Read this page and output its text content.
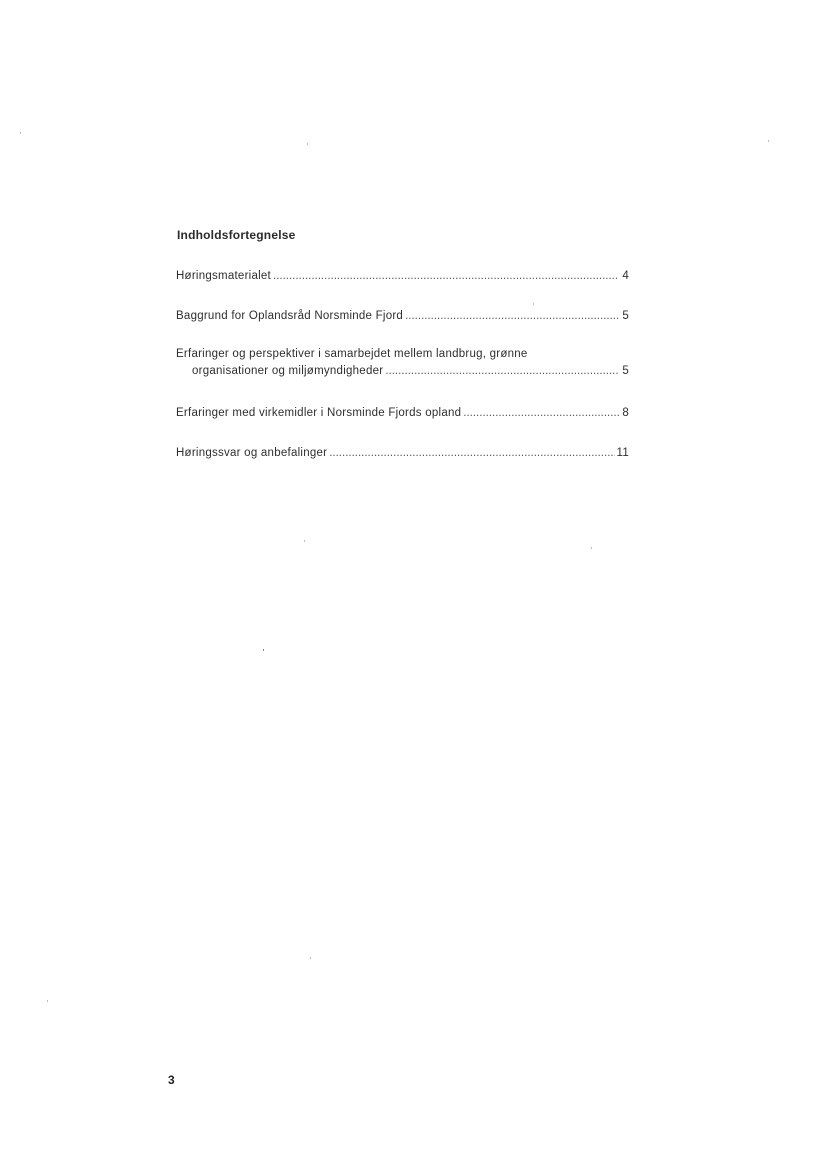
Indholdsfortegnelse
Høringsmaterialet .....	4
Baggrund for Oplandsråd Norsminde Fjord .....	5
Erfaringer og perspektiver i samarbejdet mellem landbrug, grønne
organisationer og miljømyndigheder .....	5
Erfaringer med virkemidler i Norsminde Fjords opland .....	8
Høringssvar og anbefalinger .....	11
3
